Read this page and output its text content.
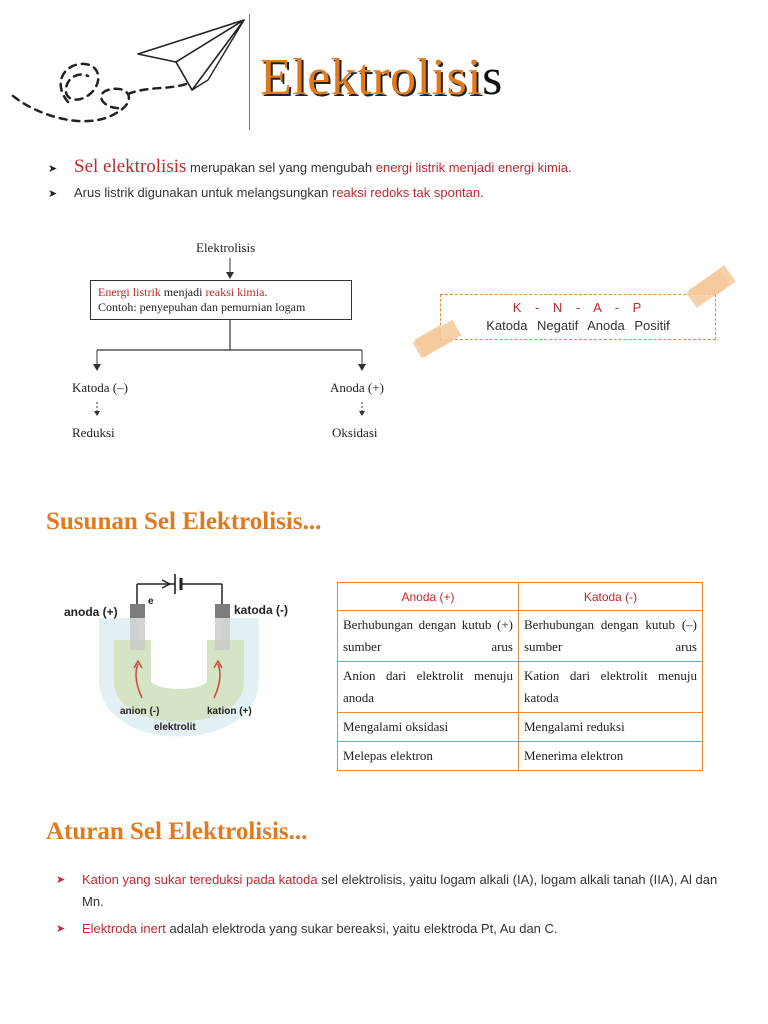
Elektrolisis
➤ Sel elektrolisis merupakan sel yang mengubah energi listrik menjadi energi kimia.
➤ Arus listrik digunakan untuk melangsungkan reaksi redoks tak spontan.
Elektrolisis
Energi listrik menjadi reaksi kimia.
Contoh: penyepuhan dan pemurnian logam
Katoda (–)
Reduksi
Anoda (+)
Oksidasi
K - N - A - P
Katoda Negatif Anoda Positif
Susunan Sel Elektrolisis...
e
anoda (+)	katoda (-)
anion (-)	kation (+)
elektrolit
Anoda (+)	Katoda (-)
Berhubungan dengan kutub (+) sumber arus	Berhubungan dengan kutub (–) sumber arus
Anion dari elektrolit menuju anoda	Kation dari elektrolit menuju katoda
Mengalami oksidasi	Mengalami reduksi
Melepas elektron	Menerima elektron
Aturan Sel Elektrolisis...
➤	Kation yang sukar tereduksi pada katoda sel elektrolisis, yaitu logam alkali (IA), logam alkali tanah (IIA), Al dan Mn.
➤	Elektroda inert adalah elektroda yang sukar bereaksi, yaitu elektroda Pt, Au dan C.
